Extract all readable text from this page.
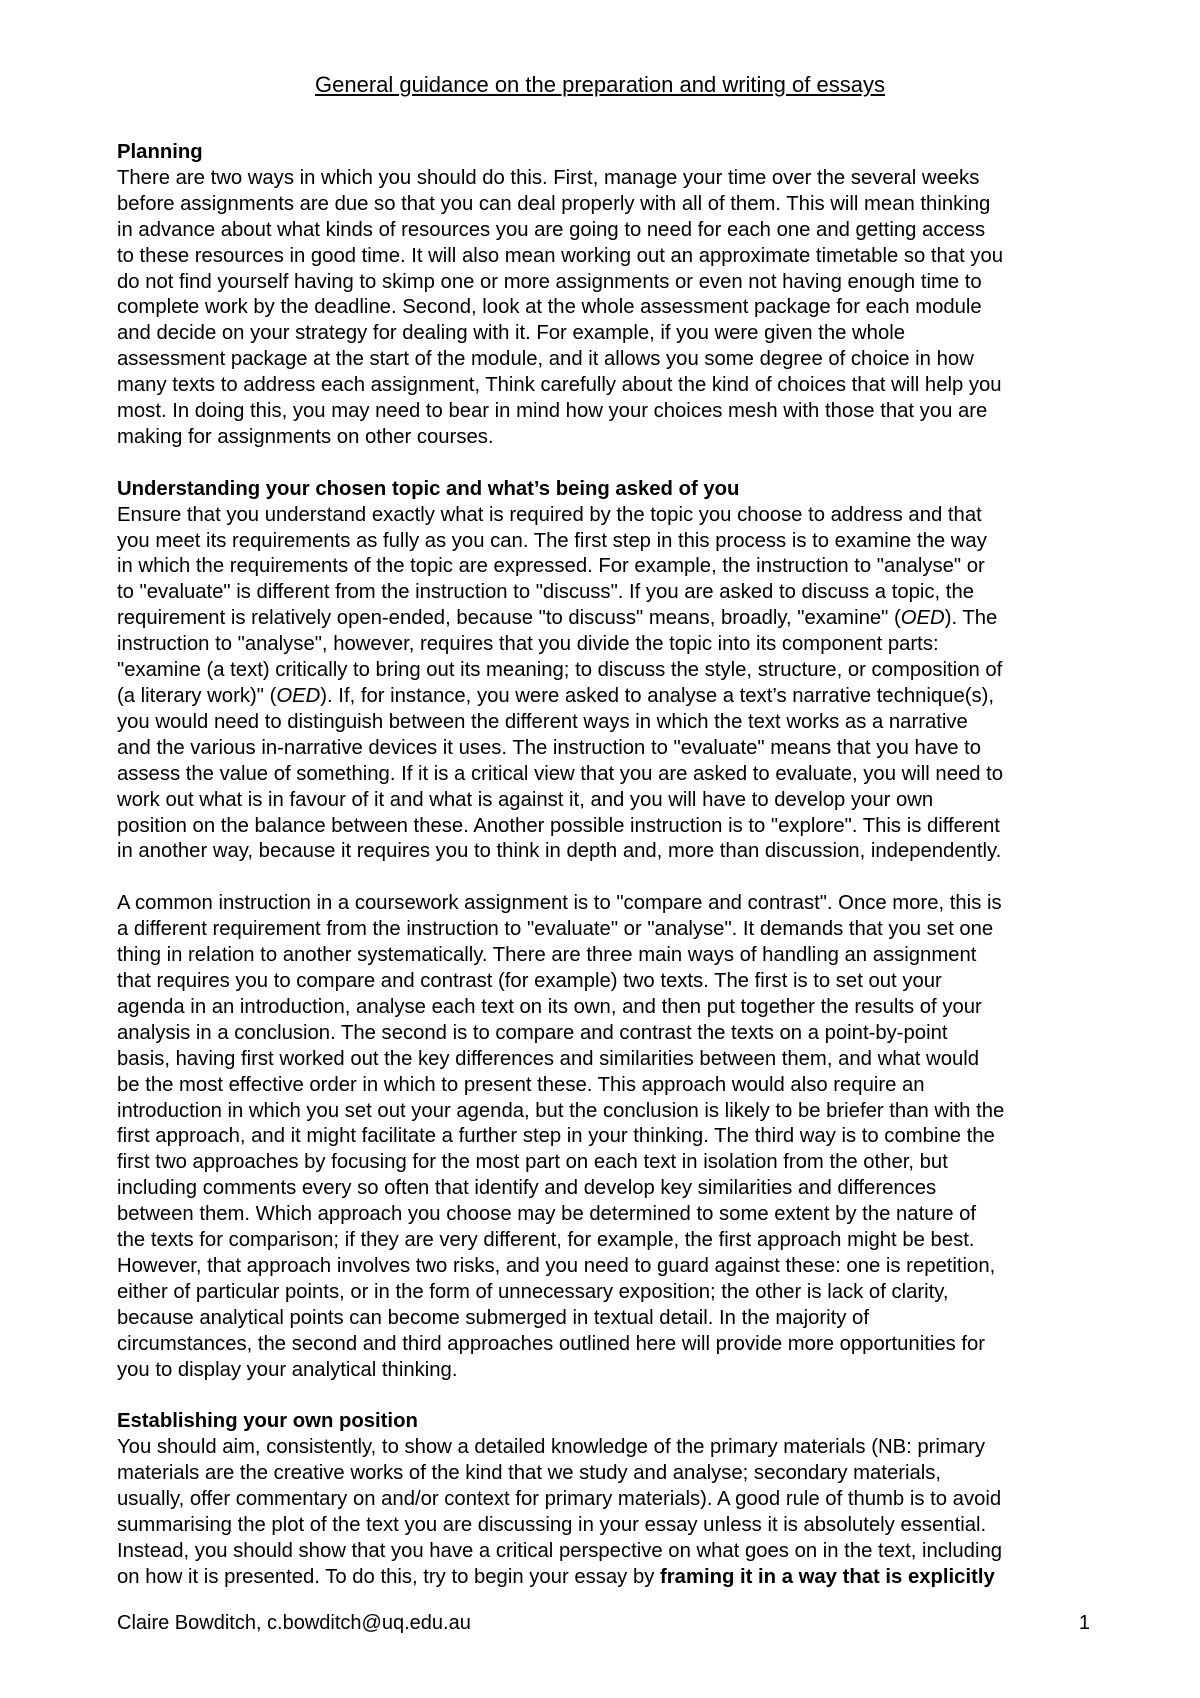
General guidance on the preparation and writing of essays
Planning

There are two ways in which you should do this. First, manage your time over the several weeks
before assignments are due so that you can deal properly with all of them. This will mean thinking
in advance about what kinds of resources you are going to need for each one and getting access
to these resources in good time. It will also mean working out an approximate timetable so that you
do not find yourself having to skimp one or more assignments or even not having enough time to
complete work by the deadline. Second, look at the whole assessment package for each module
and decide on your strategy for dealing with it. For example, if you were given the whole
assessment package at the start of the module, and it allows you some degree of choice in how
many texts to address each assignment, Think carefully about the kind of choices that will help you
most. In doing this, you may need to bear in mind how your choices mesh with those that you are
making for assignments on other courses.

Understanding your chosen topic and what’s being asked of you

Ensure that you understand exactly what is required by the topic you choose to address and that
you meet its requirements as fully as you can. The first step in this process is to examine the way
in which the requirements of the topic are expressed. For example, the instruction to "analyse" or
to "evaluate" is different from the instruction to "discuss". If you are asked to discuss a topic, the
requirement is relatively open-ended, because "to discuss" means, broadly, "examine" (OED). The
instruction to "analyse", however, requires that you divide the topic into its component parts:
"examine (a text) critically to bring out its meaning; to discuss the style, structure, or composition of
(a literary work)" (OED). If, for instance, you were asked to analyse a text’s narrative technique(s),
you would need to distinguish between the different ways in which the text works as a narrative
and the various in-narrative devices it uses. The instruction to "evaluate" means that you have to
assess the value of something. If it is a critical view that you are asked to evaluate, you will need to
work out what is in favour of it and what is against it, and you will have to develop your own
position on the balance between these. Another possible instruction is to "explore". This is different
in another way, because it requires you to think in depth and, more than discussion, independently.

A common instruction in a coursework assignment is to "compare and contrast". Once more, this is
a different requirement from the instruction to "evaluate" or "analyse". It demands that you set one
thing in relation to another systematically. There are three main ways of handling an assignment
that requires you to compare and contrast (for example) two texts. The first is to set out your
agenda in an introduction, analyse each text on its own, and then put together the results of your
analysis in a conclusion. The second is to compare and contrast the texts on a point-by-point
basis, having first worked out the key differences and similarities between them, and what would
be the most effective order in which to present these. This approach would also require an
introduction in which you set out your agenda, but the conclusion is likely to be briefer than with the
first approach, and it might facilitate a further step in your thinking. The third way is to combine the
first two approaches by focusing for the most part on each text in isolation from the other, but
including comments every so often that identify and develop key similarities and differences
between them. Which approach you choose may be determined to some extent by the nature of
the texts for comparison; if they are very different, for example, the first approach might be best.
However, that approach involves two risks, and you need to guard against these: one is repetition,
either of particular points, or in the form of unnecessary exposition; the other is lack of clarity,
because analytical points can become submerged in textual detail. In the majority of
circumstances, the second and third approaches outlined here will provide more opportunities for
you to display your analytical thinking.

Establishing your own position

You should aim, consistently, to show a detailed knowledge of the primary materials (NB: primary
materials are the creative works of the kind that we study and analyse; secondary materials,
usually, offer commentary on and/or context for primary materials). A good rule of thumb is to avoid
summarising the plot of the text you are discussing in your essay unless it is absolutely essential.
Instead, you should show that you have a critical perspective on what goes on in the text, including
on how it is presented. To do this, try to begin your essay by framing it in a way that is explicitly

Claire Bowditch, c.bowditch@uq.edu.au	1
